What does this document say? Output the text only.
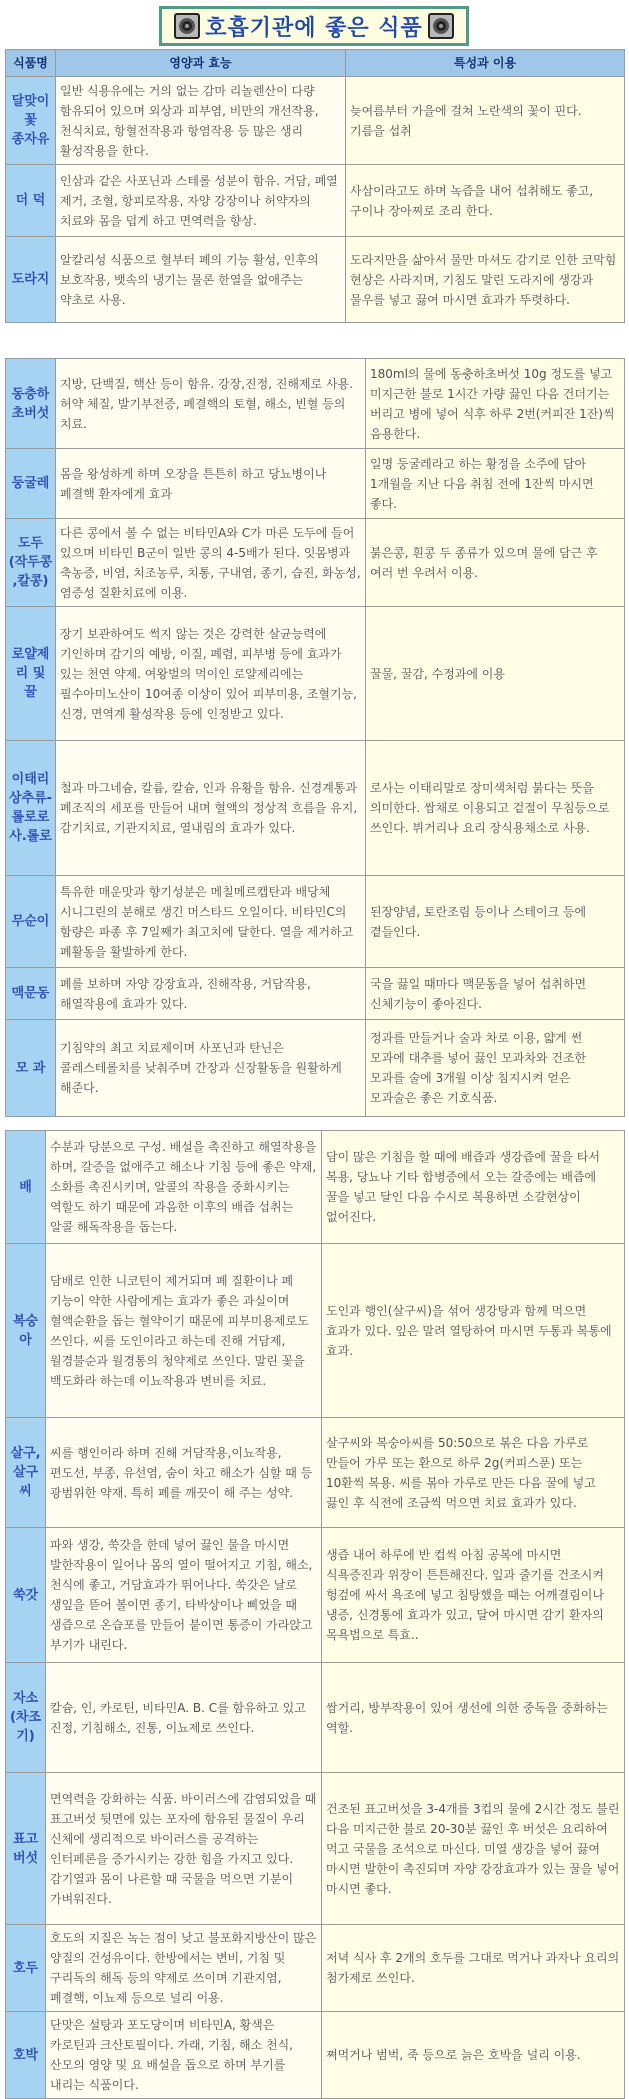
호흡기관에 좋은 식품
식품명	영양과 효능	특성과 이용
달맞이꽃 종자유	일반 식용유에는 거의 없는 감마 리놀렌산이 다량 함유되어 있으며 외상과 피부염, 비만의 개선작용, 천식치료, 항혈전작용과 항염작용 등 많은 생리 활성작용을 한다.	늦여름부터 가을에 걸쳐 노란색의 꽃이 핀다. 기름을 섭취
더 덕	인삼과 같은 사포닌과 스테롤 성분이 함유. 거담, 폐열 제거, 조혈, 항피로작용, 자양 강장이나 허약자의 치료와 몸을 덥게 하고 면역력을 향상.	사삼이라고도 하며 녹즙을 내어 섭취해도 좋고, 구이나 장아찌로 조리 한다.
도라지	알칼리성 식품으로 혈부터 폐의 기능 활성, 인후의 보호작용, 뱃속의 냉기는 물론 한열을 없애주는 약초로 사용.	도라지만을 삶아서 물만 마셔도 감기로 인한 코막힘 현상은 사라지며, 기침도 말린 도라지에 생강과 물우를 넣고 끓여 마시면 효과가 뚜렷하다.
동충하초버섯	지방, 단백질, 핵산 등이 함유. 강장,진정, 진해제로 사용. 허약 체질, 발기부전증, 폐결핵의 토혈, 해소, 빈혈 등의 치료.	180ml의 물에 동충하초버섯 10g 정도를 넣고 미지근한 불로 1시간 가량 끓인 다음 건더기는 버리고 병에 넣어 식후 하루 2번(커피잔 1잔)씩 음용한다.
둥굴레	몸을 왕성하게 하며 오장을 튼튼히 하고 당뇨병이나 폐결핵 환자에게 효과	일명 둥굴레라고 하는 황정을 소주에 담아 1개월을 지난 다음 취침 전에 1잔씩 마시면 좋다.
도두(작두콩,칼콩)	다른 콩에서 볼 수 없는 비타민A와 C가 마른 도두에 들어 있으며 비타민 B군이 일반 콩의 4-5배가 된다. 잇몸병과 축농증, 비염, 치조농루, 치통, 구내염, 종기, 습진, 화농성, 염증성 질환치료에 이용.	붉은콩, 흰콩 두 종류가 있으며 물에 담근 후 여러 번 우려서 이용.
로얄제리 및 꿀	장기 보관하여도 썩지 않는 것은 강력한 살균능력에 기인하며 감기의 예방, 이질, 폐렴, 피부병 등에 효과가 있는 천연 약제. 여왕벌의 먹이인 로얄제리에는 필수아미노산이 10여종 이상이 있어 피부미용, 조혈기능, 신경, 면역계 활성작용 등에 인정받고 있다.	꿀물, 꿀감, 수정과에 이용
이태리 상추류-롤로로사.롤로	철과 마그네슘, 칼륨, 칼슘, 인과 유황을 함유. 신경계통과 폐조직의 세포를 만들어 내며 혈액의 정상적 흐름을 유지, 감기치료, 기관지치료, 열내림의 효과가 있다.	로사는 이태리말로 장미색처럼 붉다는 뜻을 의미한다. 쌈채로 이용되고 겉절이 무침등으로 쓰인다. 뷔거리나 요리 장식용채소로 사용.
무순이	특유한 매운맛과 향기성분은 메칠메르캡탄과 배당체 시니그린의 분해로 생긴 머스타드 오일이다. 비타민C의 함량은 파종 후 7일째가 최고치에 달한다. 열을 제거하고 폐활동을 활발하게 한다.	된장양념, 토란조림 등이나 스테이크 등에 곁들인다.
맥문동	폐를 보하며 자양 강장효과, 진해작용, 거담작용, 해열작용에 효과가 있다.	국을 끓일 때마다 맥문동을 넣어 섭취하면 신체기능이 좋아진다.
모 과	기침약의 최고 치료제이며 사포닌과 탄닌은 콜레스테롤치를 낮춰주며 간장과 신장활동을 원활하게 해준다.	정과를 만들거나 술과 차로 이용, 얇게 썬 모과에 대추를 넣어 끓인 모과차와 건조한 모과를 술에 3개월 이상 침지시켜 얻은 모과술은 좋은 기호식품.
배	수분과 당분으로 구성. 배설을 촉진하고 해열작용을 하며, 갈증을 없애주고 해소나 기침 등에 좋은 약재, 소화를 촉진시키며, 알콜의 작용을 중화시키는 역할도 하기 때문에 과음한 이후의 배즙 섭취는 알콜 해독작용을 돕는다.	담이 많은 기침을 할 때에 배즙과 생강즙에 꿀을 타서 복용, 당뇨나 기타 합병증에서 오는 갈증에는 배즙에 꿀을 넣고 달인 다음 수시로 복용하면 소갈현상이 없어진다.
복숭아	담배로 인한 니코틴이 제거되며 폐 질환이나 폐 기능이 약한 사람에게는 효과가 좋은 과실이며 혈액순환을 돕는 혈약이기 때문에 피부미용제로도 쓰인다. 씨를 도인이라고 하는데 진해 거담제, 월경불순과 월경통의 청약제로 쓰인다. 말린 꽃을 백도화라 하는데 이뇨작용과 변비를 치료.	도인과 행인(살구씨)을 섞어 생강탕과 함께 먹으면 효과가 있다. 잎은 말려 열탕하여 마시면 두통과 복통에 효과.
살구,살구씨	씨를 행인이라 하며 진해 거담작용,이뇨작용, 편도선, 부종, 유선염, 숨이 차고 해소가 심할 때 등 광범위한 약재. 특히 폐를 깨끗이 해 주는 성약.	살구씨와 복숭아씨를 50:50으로 볶은 다음 가루로 만들어 가루 또는 환으로 하루 2g(커피스푼) 또는 10환씩 복용. 씨를 볶아 가루로 만든 다음 꿀에 넣고 끓인 후 식전에 조금씩 먹으면 치료 효과가 있다.
쑥갓	파와 생강, 쑥갓을 한데 넣어 끓인 물을 마시면 발한작용이 일어나 몸의 열이 떨어지고 기침, 해소, 천식에 좋고, 거담효과가 뛰어나다. 쑥갓은 날로 생잎을 뜯어 볼이면 종기, 타박상이나 삐었을 때 생즙으로 온습포를 만들어 붙이면 통증이 가라앉고 부기가 내린다.	생즙 내어 하루에 반 컵씩 아침 공복에 마시면 식욕증진과 위장이 튼튼해진다. 잎과 줄기를 건조시켜 헝겊에 싸서 욕조에 넣고 침탕했을 때는 어깨결림이나 냉증, 신경통에 효과가 있고, 달여 마시면 감기 환자의 목욕법으로 특효..
자소(차조기)	칼슘, 인, 카로틴, 비타민A. B. C를 함유하고 있고 진정, 기침해소, 진통, 이뇨제로 쓰인다.	쌈거리, 방부작용이 있어 생선에 의한 중독을 중화하는 역할.
표고버섯	면역력을 강화하는 식품. 바이러스에 감염되었을 때 표고버섯 뒷면에 있는 포자에 함유된 물질이 우리 신체에 생리적으로 바이러스를 공격하는 인터페론을 증가시키는 강한 힘을 가지고 있다. 감기열과 몸이 나른할 때 국물을 먹으면 기분이 가벼워진다.	건조된 표고버섯을 3-4개를 3컵의 물에 2시간 정도 불린 다음 미지근한 불로 20-30분 끓인 후 버섯은 요리하여 먹고 국물을 조석으로 마신다. 미열 생강을 넣어 끓여 마시면 발한이 촉진되며 자양 강장효과가 있는 꿀을 넣어 마시면 좋다.
호두	호도의 지질은 녹는 점이 낮고 불포화지방산이 많은 양질의 건성유이다. 한방에서는 변비, 기침 및 구리독의 해독 등의 약제로 쓰이며 기관지염, 폐결핵, 이뇨제 등으로 널리 이용.	저녁 식사 후 2개의 호두를 그대로 먹거나 과자나 요리의 첨가제로 쓰인다.
호박	단맛은 설탕과 포도당이며 비타민A, 황색은 카로틴과 크산토필이다. 가래, 기침, 해소 천식, 산모의 영양 및 요 배설을 돕으로 하며 부기를 내리는 식품이다.	쪄먹거나 범벅, 죽 등으로 늙은 호박을 널리 이용.
